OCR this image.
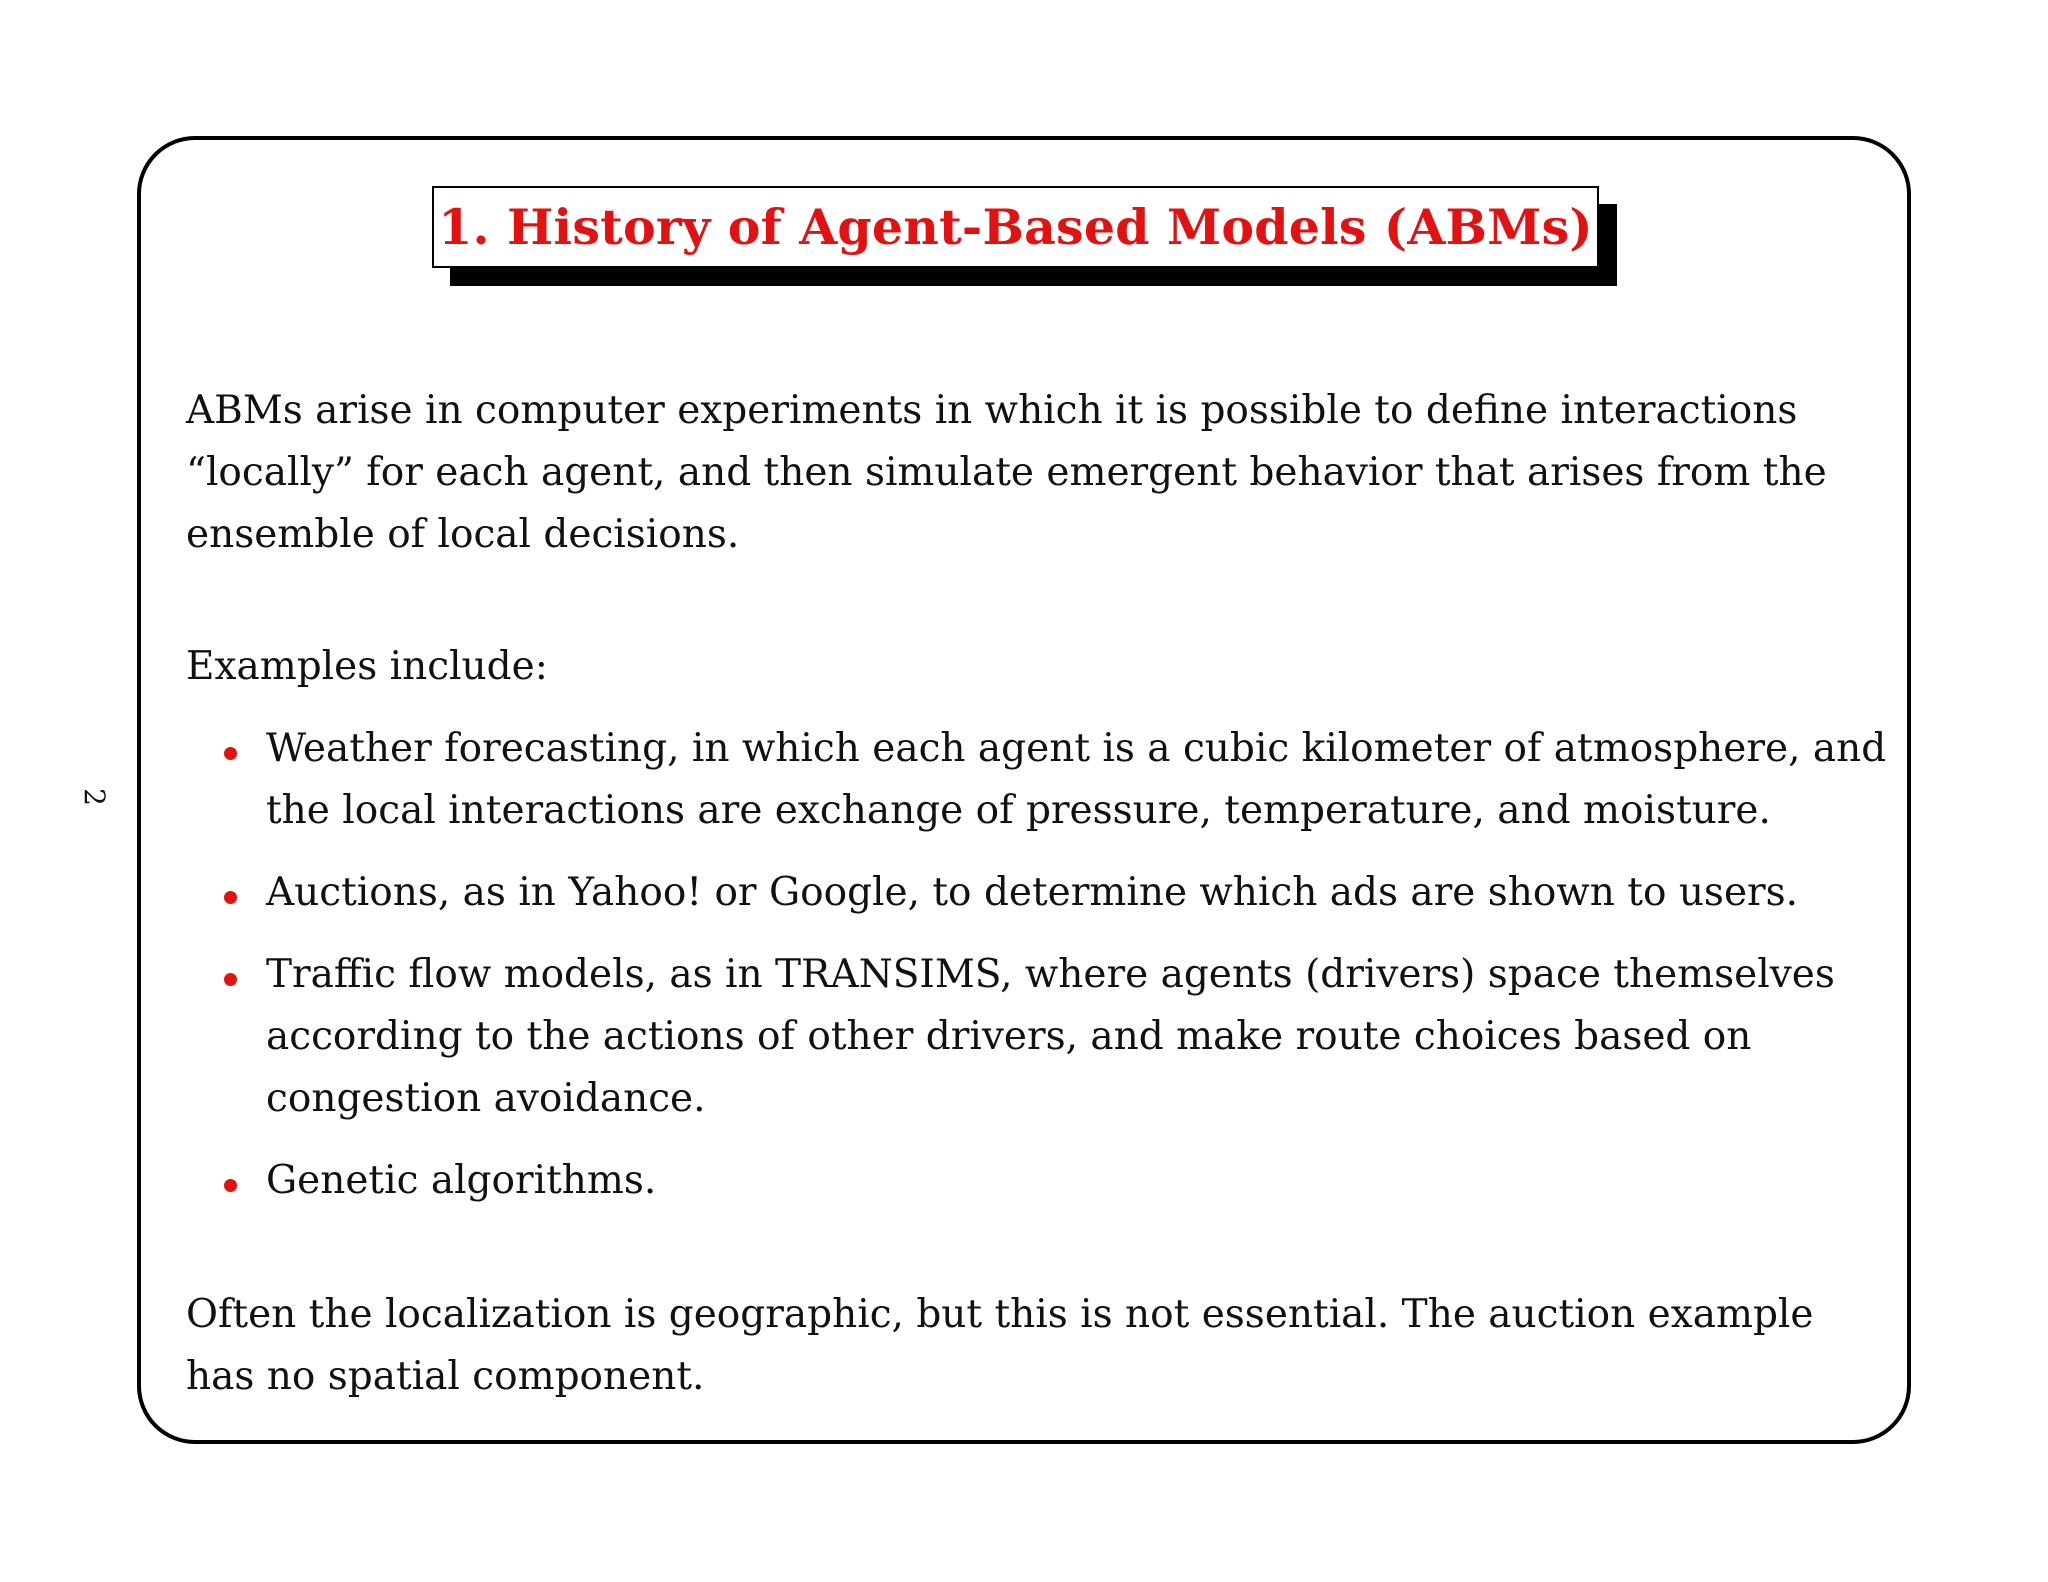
1. History of Agent-Based Models (ABMs)
2

ABMs arise in computer experiments in which it is possible to define interactions

“locally” for each agent, and then simulate emergent behavior that arises from the

ensemble of local decisions.

Examples include:

Weather forecasting, in which each agent is a cubic kilometer of atmosphere, and

the local interactions are exchange of pressure, temperature, and moisture.

Auctions, as in Yahoo! or Google, to determine which ads are shown to users.

Traffic flow models, as in TRANSIMS, where agents (drivers) space themselves

according to the actions of other drivers, and make route choices based on

congestion avoidance.

Genetic algorithms.

Often the localization is geographic, but this is not essential. The auction example

has no spatial component.
